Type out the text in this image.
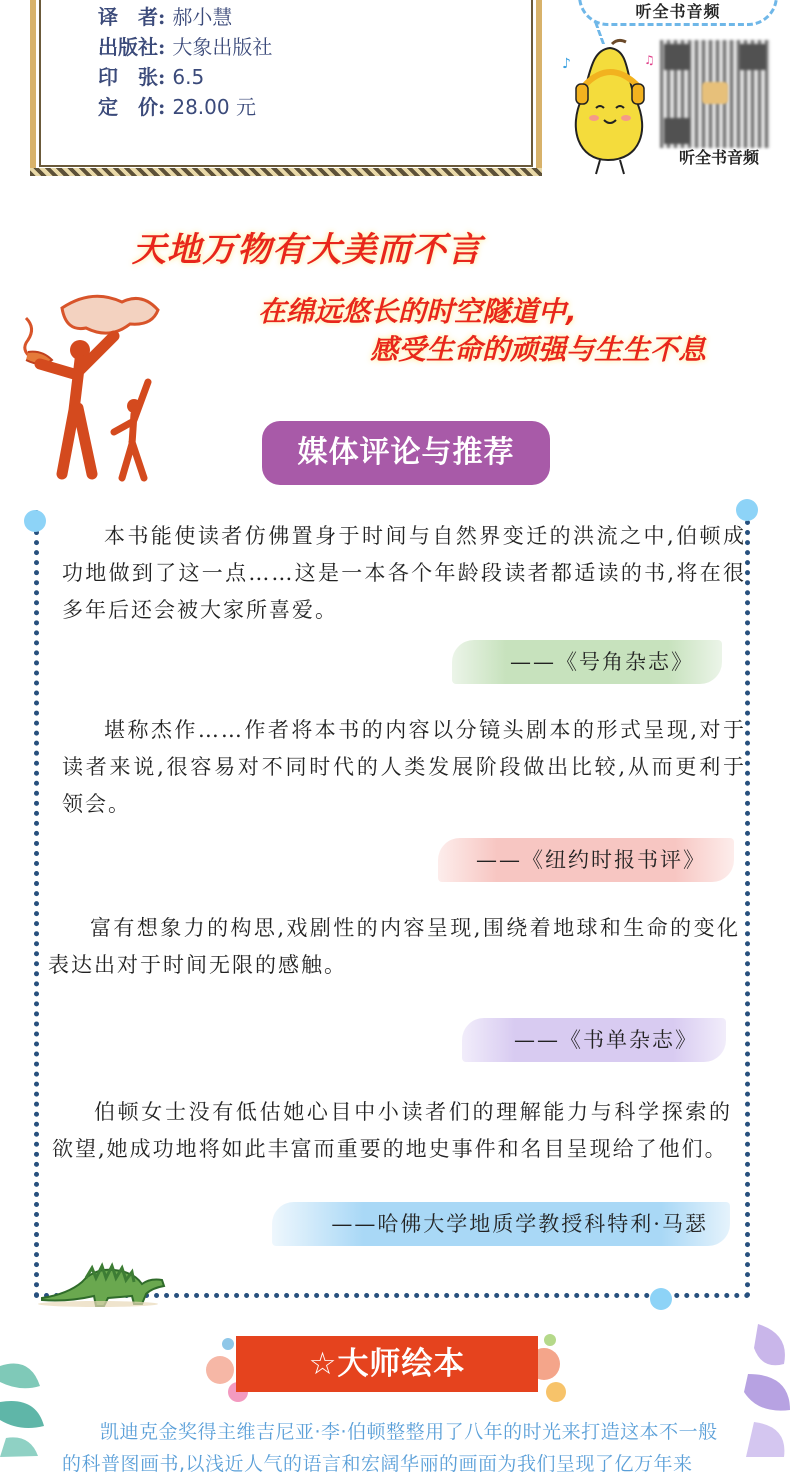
译　者: 郝小慧
出版社: 大象出版社
印　张: 6.5
定　价: 28.00 元
听全书音频
♪	♫
听全书音频
天地万物有大美而不言
在绵远悠长的时空隧道中,
感受生命的顽强与生生不息
媒体评论与推荐

本书能使读者仿佛置身于时间与自然界变迁的洪流之中,伯顿成功地做到了这一点……这是一本各个年龄段读者都适读的书,将在很多年后还会被大家所喜爱。

——《号角杂志》

堪称杰作……作者将本书的内容以分镜头剧本的形式呈现,对于读者来说,很容易对不同时代的人类发展阶段做出比较,从而更利于领会。

——《纽约时报书评》

富有想象力的构思,戏剧性的内容呈现,围绕着地球和生命的变化表达出对于时间无限的感触。

——《书单杂志》

伯顿女士没有低估她心目中小读者们的理解能力与科学探索的欲望,她成功地将如此丰富而重要的地史事件和名目呈现给了他们。

——哈佛大学地质学教授科特利·马瑟
☆大师绘本
凯迪克金奖得主维吉尼亚·李·伯顿整整用了八年的时光来打造这本不一般的科普图画书,以浅近人气的语言和宏阔华丽的画面为我们呈现了亿万年来
